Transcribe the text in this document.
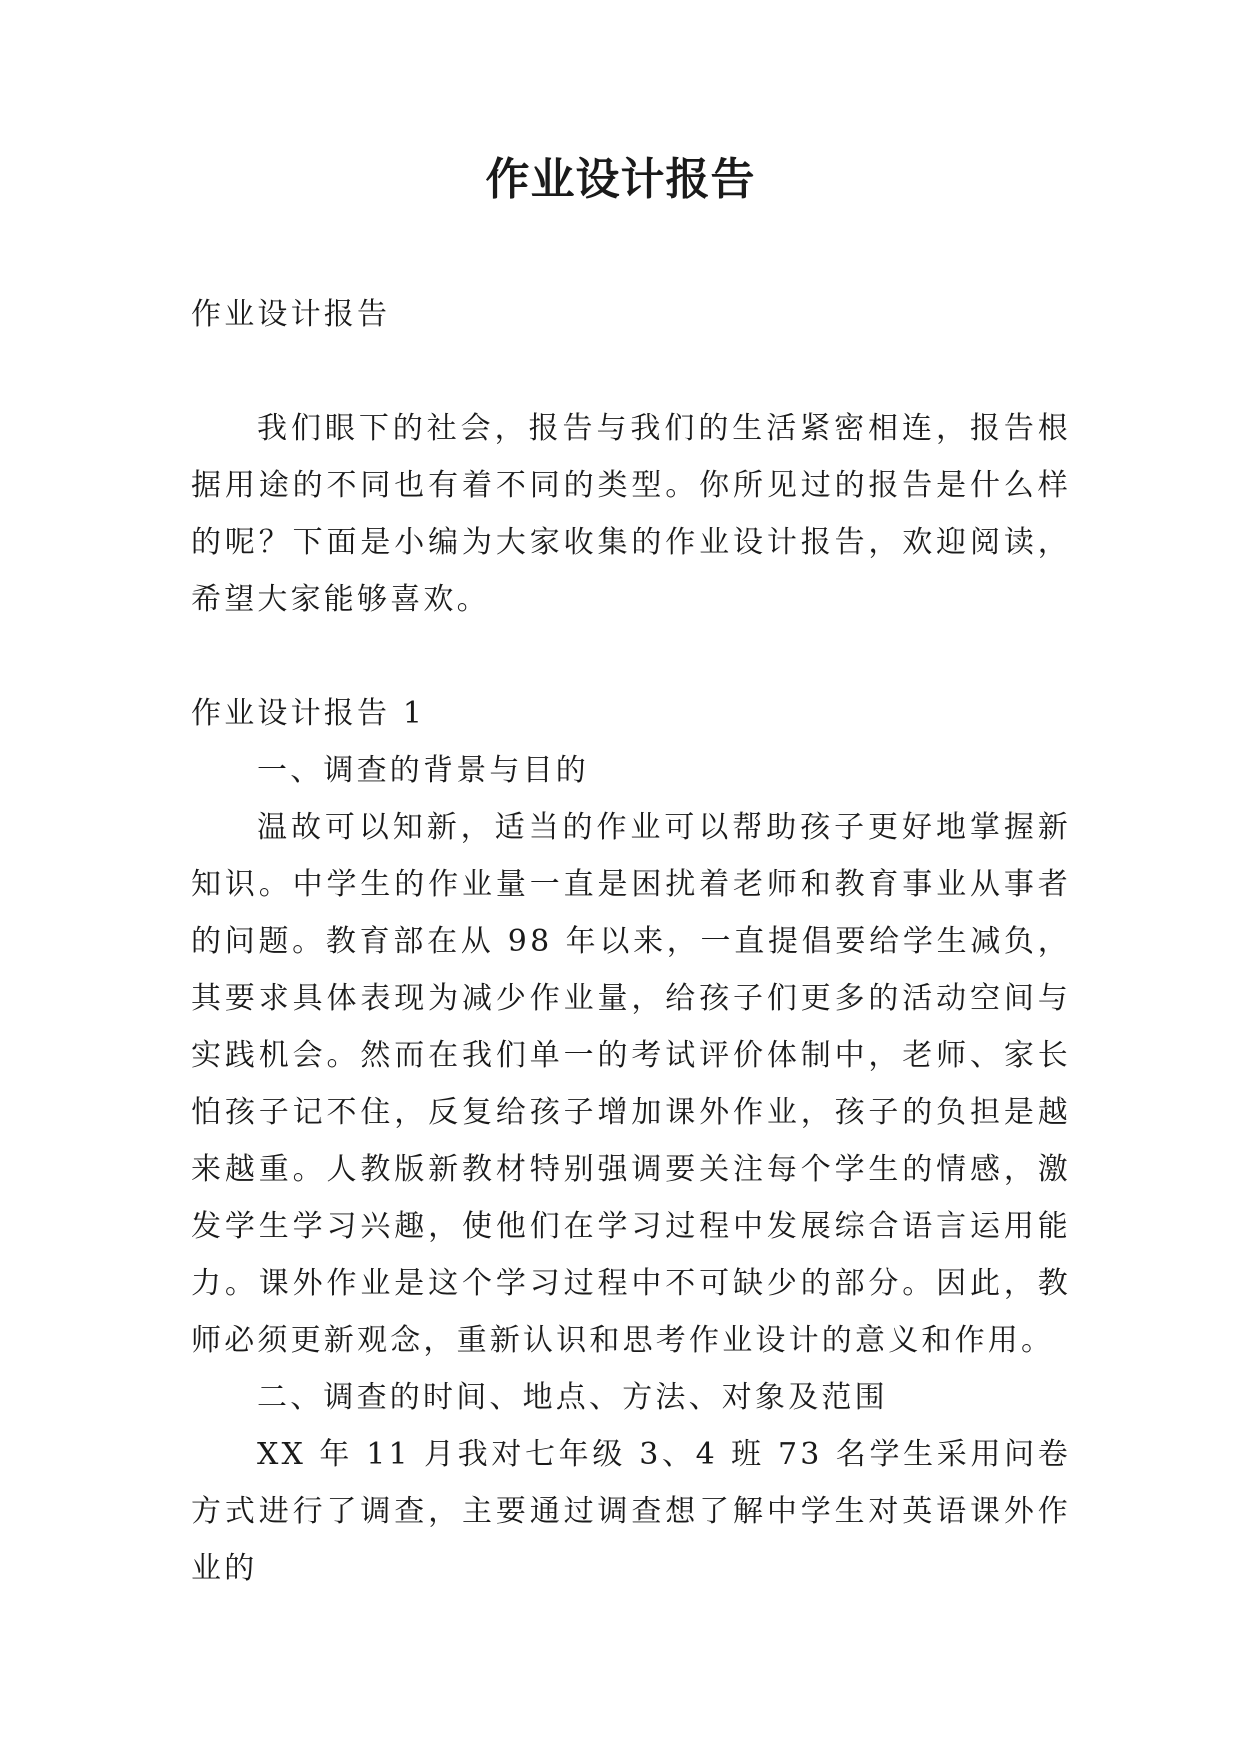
作业设计报告

作业设计报告

我们眼下的社会，报告与我们的生活紧密相连，报告根据用途的不同也有着不同的类型。你所见过的报告是什么样的呢？下面是小编为大家收集的作业设计报告，欢迎阅读，希望大家能够喜欢。

作业设计报告 1

一、调查的背景与目的

温故可以知新，适当的作业可以帮助孩子更好地掌握新知识。中学生的作业量一直是困扰着老师和教育事业从事者的问题。教育部在从 98 年以来，一直提倡要给学生减负，其要求具体表现为减少作业量，给孩子们更多的活动空间与实践机会。然而在我们单一的考试评价体制中，老师、家长怕孩子记不住，反复给孩子增加课外作业，孩子的负担是越来越重。人教版新教材特别强调要关注每个学生的情感，激发学生学习兴趣，使他们在学习过程中发展综合语言运用能力。课外作业是这个学习过程中不可缺少的部分。因此，教师必须更新观念，重新认识和思考作业设计的意义和作用。

二、调查的时间、地点、方法、对象及范围

XX 年 11 月我对七年级 3、4 班 73 名学生采用问卷方式进行了调查，主要通过调查想了解中学生对英语课外作业的
